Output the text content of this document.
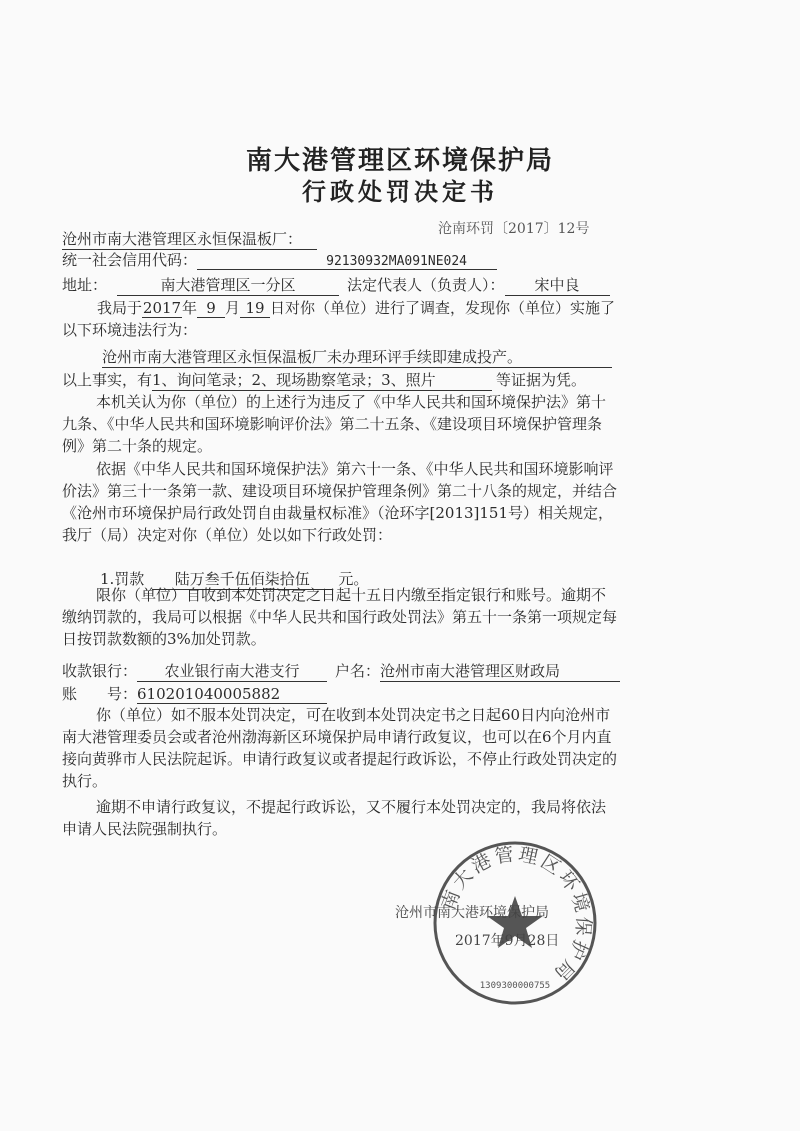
南大港管理区环境保护局
行政处罚决定书
沧南环罚〔2017〕12号
沧州市南大港管理区永恒保温板厂：
统一社会信用代码：	92130932MA091NE024
地址：	南大港管理区一分区	法定代表人（负责人）： 宋中良
我局于2017年 9 月 19 日对你（单位）进行了调查，发现你（单位）实施了
以下环境违法行为：
沧州市南大港管理区永恒保温板厂未办理环评手续即建成投产。
以上事实，有1、询问笔录；2、现场勘察笔录；3、照片	等证据为凭。
本机关认为你（单位）的上述行为违反了《中华人民共和国环境保护法》第十九条、《中华人民共和国环境影响评价法》第二十五条、《建设项目环境保护管理条例》第二十条的规定。
依据《中华人民共和国环境保护法》第六十一条、《中华人民共和国环境影响评价法》第三十一条第一款、建设项目环境保护管理条例》第二十八条的规定，并结合《沧州市环境保护局行政处罚自由裁量权标准》（沧环字[2013]151号）相关规定，我厅（局）决定对你（单位）处以如下行政处罚：
1.罚款 陆万叁千伍佰柒拾伍 元。
限你（单位）自收到本处罚决定之日起十五日内缴至指定银行和账号。逾期不缴纳罚款的，我局可以根据《中华人民共和国行政处罚法》第五十一条第一项规定每日按罚款数额的3%加处罚款。
收款银行： 农业银行南大港支行 户名：沧州市南大港管理区财政局
账　　号：610201040005882
你（单位）如不服本处罚决定，可在收到本处罚决定书之日起60日内向沧州市南大港管理委员会或者沧州渤海新区环境保护局申请行政复议，也可以在6个月内直接向黄骅市人民法院起诉。申请行政复议或者提起行政诉讼，不停止行政处罚决定的执行。
逾期不申请行政复议，不提起行政诉讼，又不履行本处罚决定的，我局将依法申请人民法院强制执行。
南大港管理区环境保护局
1309300000755
沧州市南大港环境保护局
2017年9月28日
